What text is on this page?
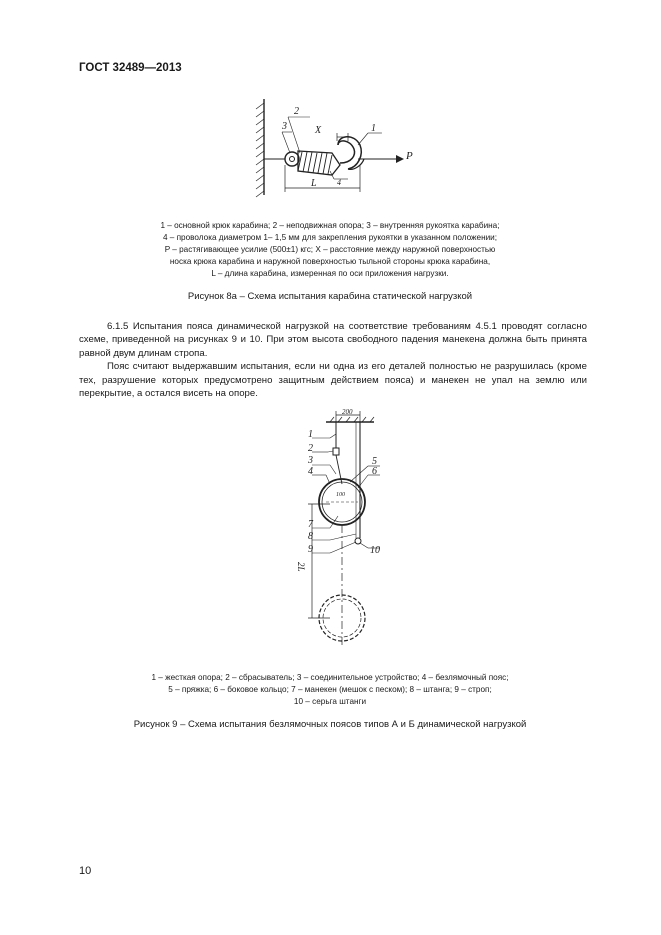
ГОСТ 32489—2013
2
3	X	1
P
4
L
1 – основной крюк карабина; 2 – неподвижная опора; 3 – внутренняя рукоятка карабина;
4 – проволока диаметром 1– 1,5 мм для закрепления рукоятки в указанном положении;
P – растягивающее усилие (500±1) кгс; X – расстояние между наружной поверхностью
носка крюка карабина и наружной поверхностью тыльной стороны крюка карабина,
L – длина карабина, измеренная по оси приложения нагрузки.
Рисунок 8а – Схема испытания карабина статической нагрузкой

6.1.5 Испытания пояса динамической нагрузкой на соответствие требованиям 4.5.1 проводят согласно схеме, приведенной на рисунках 9 и 10. При этом высота свободного падения манекена должна быть принята равной двум длинам стропа.

Пояс считают выдержавшим испытания, если ни одна из его деталей полностью не разрушилась (кроме тех, разрушение которых предусмотрено защитным действием пояса) и манекен не упал на землю или перекрытие, а остался висеть на опоре.

200
100
2L
1
2
3
4
5
6
7
8
9	10
1 – жесткая опора; 2 – сбрасыватель; 3 – соединительное устройство; 4 – безлямочный пояс;
5 – пряжка; 6 – боковое кольцо; 7 – манекен (мешок с песком); 8 – штанга; 9 – строп;
10 – серьга штанги
Рисунок 9 – Схема испытания безлямочных поясов типов А и Б динамической нагрузкой
10
